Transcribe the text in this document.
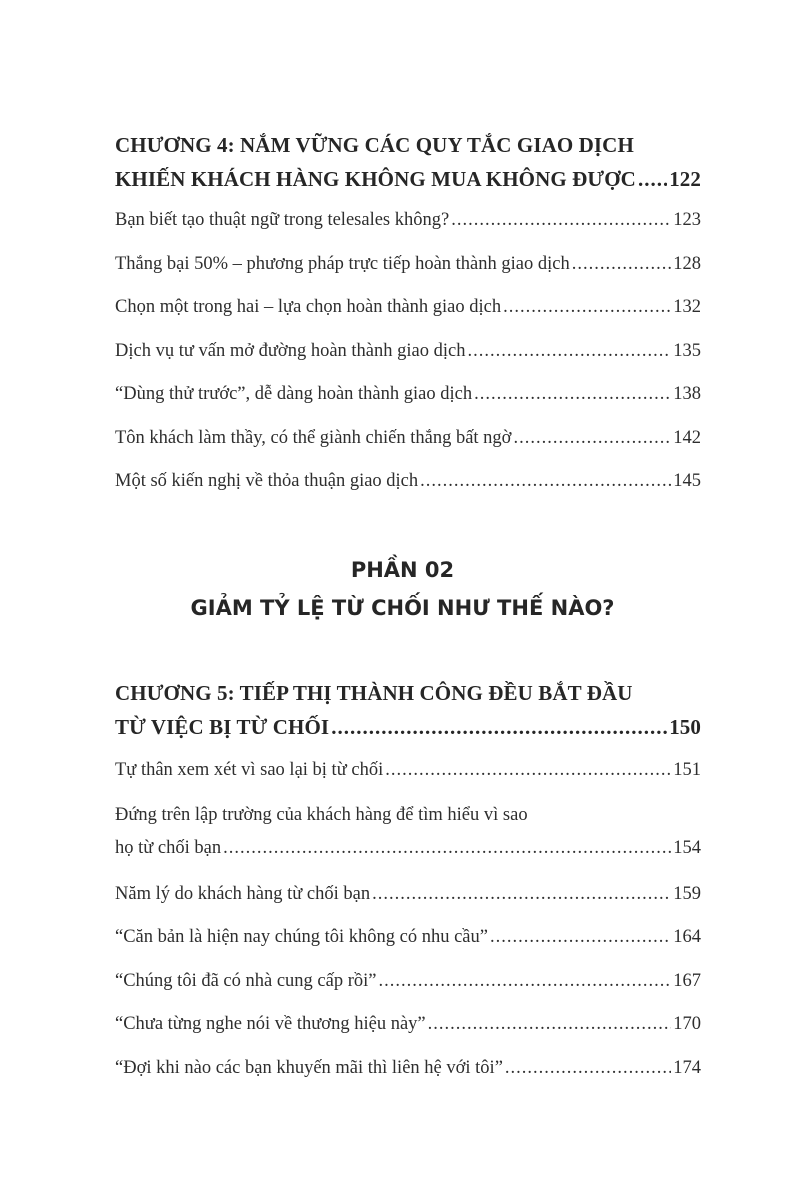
CHƯƠNG 4: NẮM VỮNG CÁC QUY TẮC GIAO DỊCH
KHIẾN KHÁCH HÀNG KHÔNG MUA KHÔNG ĐƯỢC ..... 122
Bạn biết tạo thuật ngữ trong telesales không? .....	123
Thắng bại 50% – phương pháp trực tiếp hoàn thành giao dịch .....	128
Chọn một trong hai – lựa chọn hoàn thành giao dịch .....	132
Dịch vụ tư vấn mở đường hoàn thành giao dịch .....	135
“Dùng thử trước”, dễ dàng hoàn thành giao dịch .....	138
Tôn khách làm thầy, có thể giành chiến thắng bất ngờ .....	142
Một số kiến nghị về thỏa thuận giao dịch .....	145
PHẦN 02
GIẢM TỶ LỆ TỪ CHỐI NHƯ THẾ NÀO?
CHƯƠNG 5: TIẾP THỊ THÀNH CÔNG ĐỀU BẮT ĐẦU
TỪ VIỆC BỊ TỪ CHỐI .....	150
Tự thân xem xét vì sao lại bị từ chối .....	151
Đứng trên lập trường của khách hàng để tìm hiểu vì sao
họ từ chối bạn .....	154
Năm lý do khách hàng từ chối bạn .....	159
“Căn bản là hiện nay chúng tôi không có nhu cầu” .....	164
“Chúng tôi đã có nhà cung cấp rồi” .....	167
“Chưa từng nghe nói về thương hiệu này” .....	170
“Đợi khi nào các bạn khuyến mãi thì liên hệ với tôi” .....	174
